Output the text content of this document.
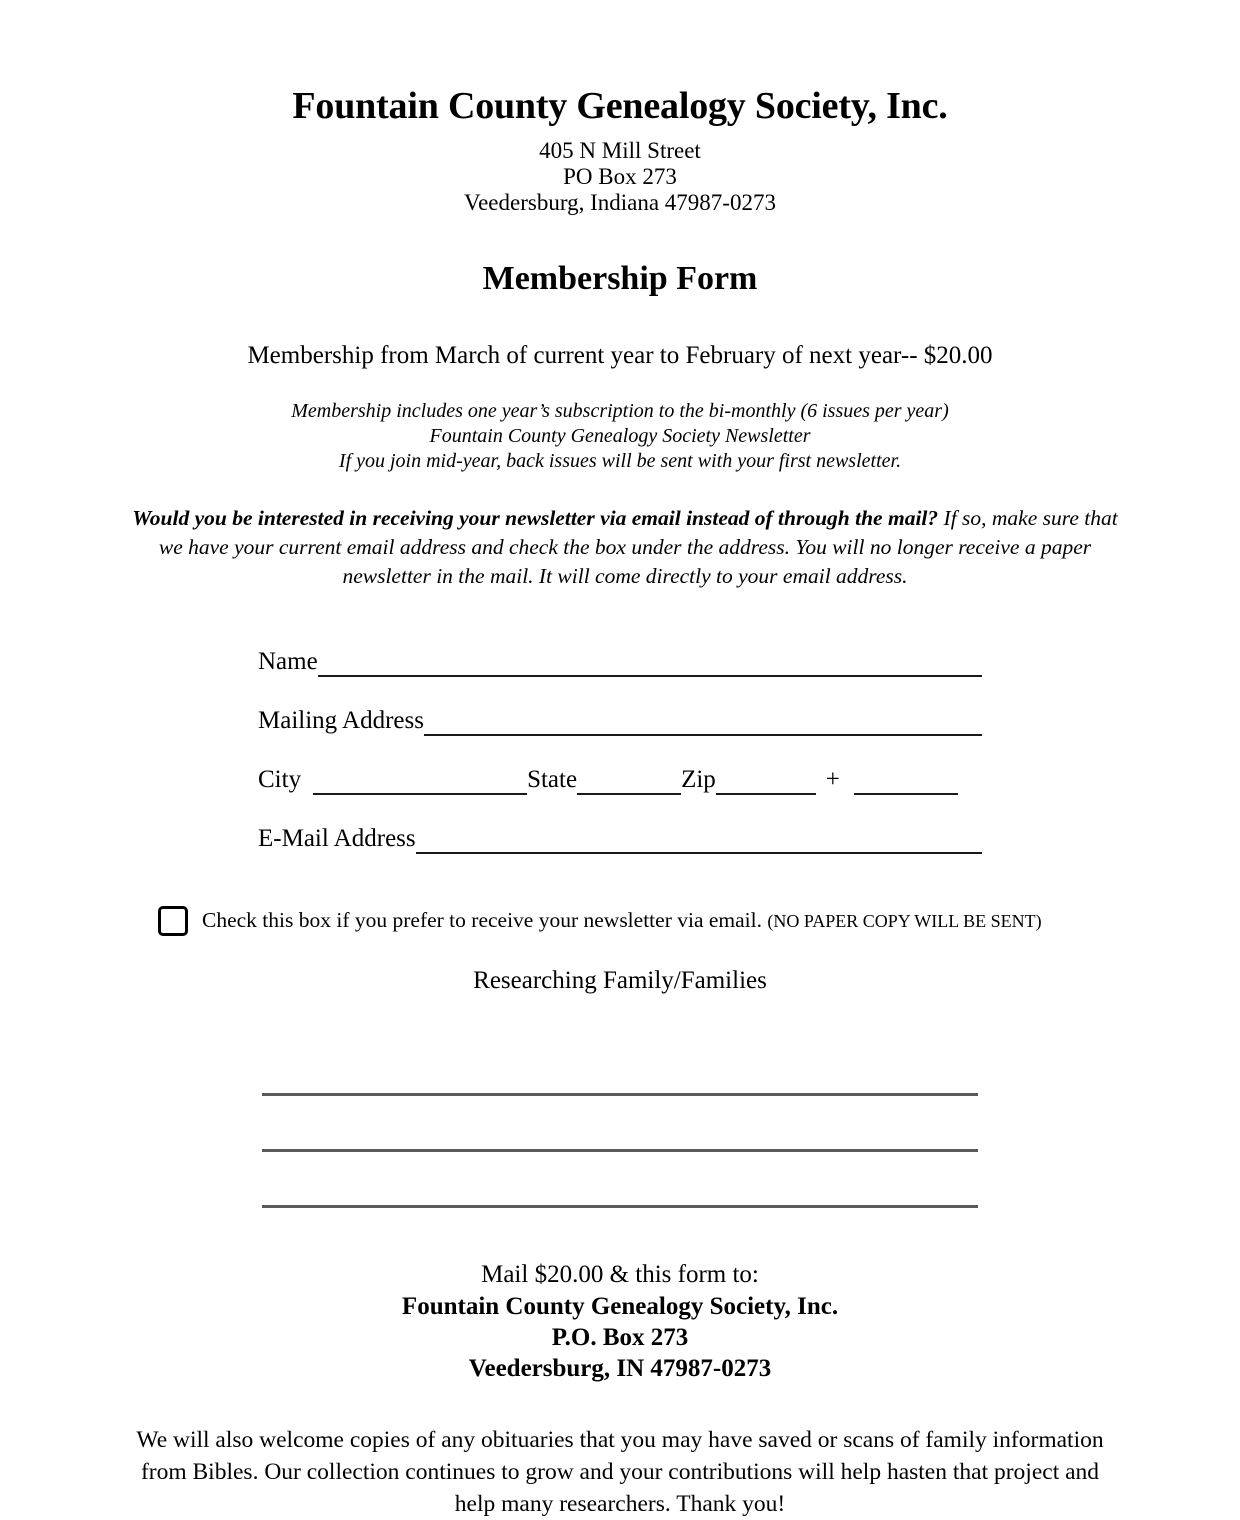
Fountain County Genealogy Society, Inc.
405 N Mill Street
PO Box 273
Veedersburg, Indiana 47987-0273
Membership Form

Membership from March of current year to February of next year-- $20.00

Membership includes one year’s subscription to the bi-monthly (6 issues per year)
Fountain County Genealogy Society Newsletter
If you join mid-year, back issues will be sent with your first newsletter.

Would you be interested in receiving your newsletter via email instead of through the mail? If so, make sure that we have your current email address and check the box under the address. You will no longer receive a paper newsletter in the mail. It will come directly to your email address.

Name
Mailing Address
City	State	Zip	+
E-Mail Address
Check this box if you prefer to receive your newsletter via email. (NO PAPER COPY WILL BE SENT)

Researching Family/Families

Mail $20.00 & this form to:
Fountain County Genealogy Society, Inc.
P.O. Box 273
Veedersburg, IN 47987-0273

We will also welcome copies of any obituaries that you may have saved or scans of family information from Bibles. Our collection continues to grow and your contributions will help hasten that project and help many researchers. Thank you!
